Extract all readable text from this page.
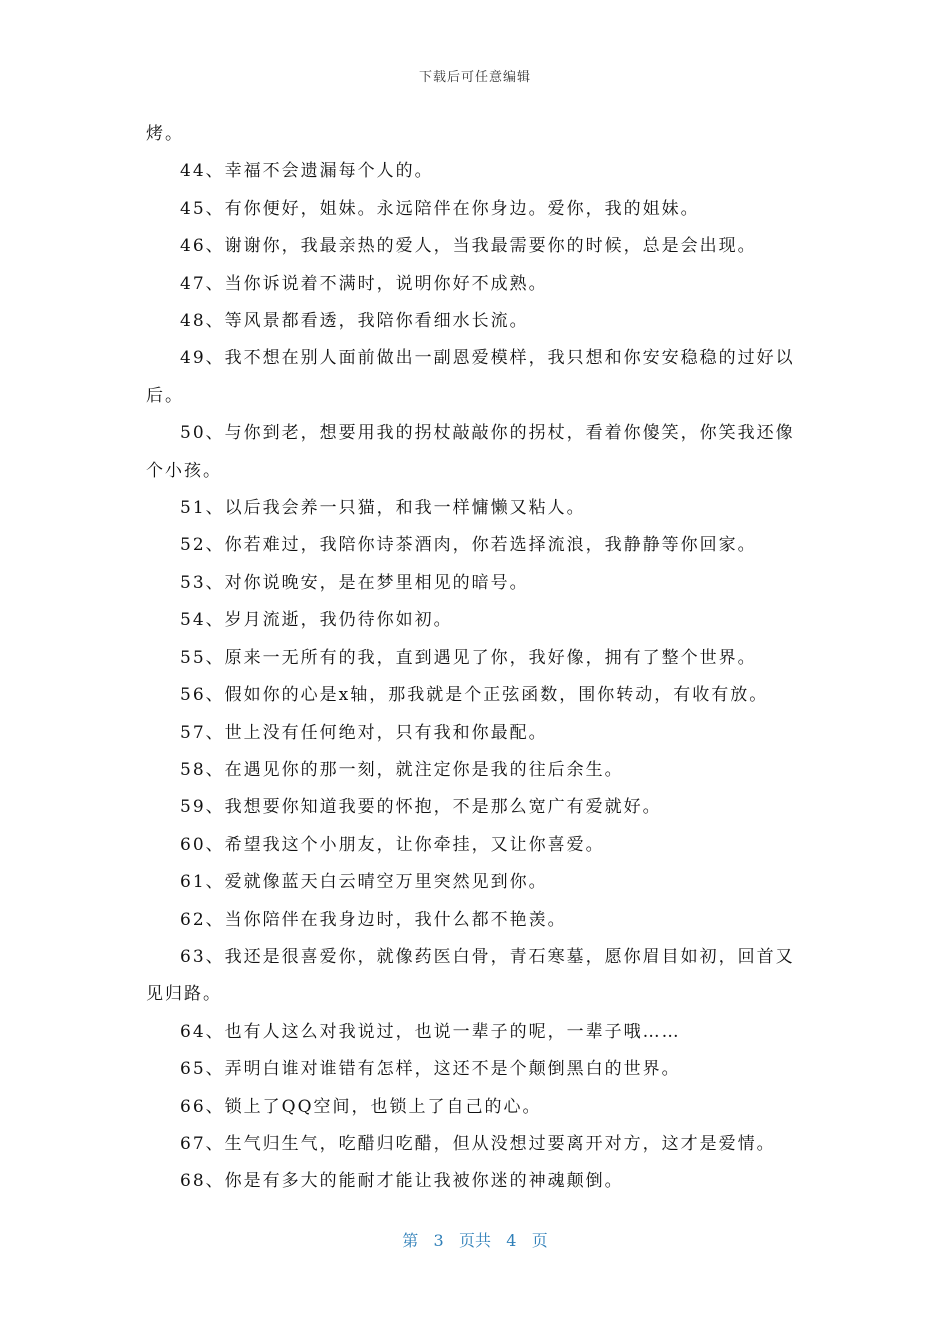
下载后可任意编辑

烤。

44、幸福不会遗漏每个人的。

45、有你便好，姐妹。永远陪伴在你身边。爱你，我的姐妹。

46、谢谢你，我最亲热的爱人，当我最需要你的时候，总是会出现。

47、当你诉说着不满时，说明你好不成熟。

48、等风景都看透，我陪你看细水长流。

49、我不想在别人面前做出一副恩爱模样，我只想和你安安稳稳的过好以后。

50、与你到老，想要用我的拐杖敲敲你的拐杖，看着你傻笑，你笑我还像个小孩。

51、以后我会养一只猫，和我一样慵懒又粘人。

52、你若难过，我陪你诗茶酒肉，你若选择流浪，我静静等你回家。

53、对你说晚安，是在梦里相见的暗号。

54、岁月流逝，我仍待你如初。

55、原来一无所有的我，直到遇见了你，我好像，拥有了整个世界。

56、假如你的心是x轴，那我就是个正弦函数，围你转动，有收有放。

57、世上没有任何绝对，只有我和你最配。

58、在遇见你的那一刻，就注定你是我的往后余生。

59、我想要你知道我要的怀抱，不是那么宽广有爱就好。

60、希望我这个小朋友，让你牵挂，又让你喜爱。

61、爱就像蓝天白云晴空万里突然见到你。

62、当你陪伴在我身边时，我什么都不艳羡。

63、我还是很喜爱你，就像药医白骨，青石寒墓，愿你眉目如初，回首又见归路。

64、也有人这么对我说过，也说一辈子的呢，一辈子哦……

65、弄明白谁对谁错有怎样，这还不是个颠倒黑白的世界。

66、锁上了QQ空间，也锁上了自己的心。

67、生气归生气，吃醋归吃醋，但从没想过要离开对方，这才是爱情。

68、你是有多大的能耐才能让我被你迷的神魂颠倒。

第 3 页共 4 页
